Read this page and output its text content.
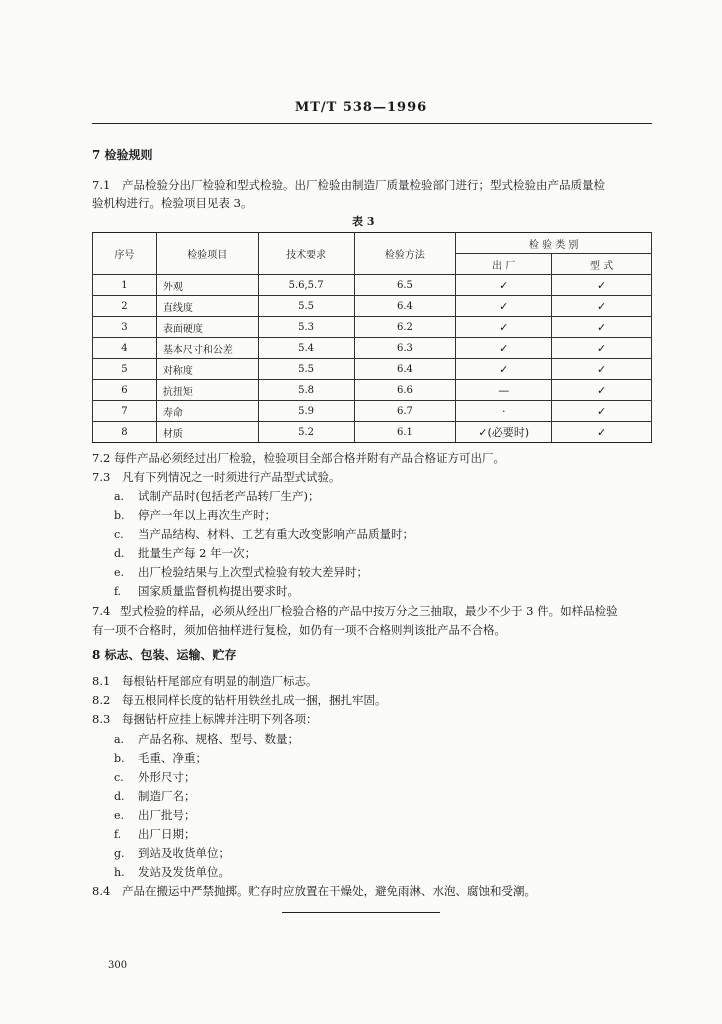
MT/T 538—1996
7 检验规则
7.1 产品检验分出厂检验和型式检验。出厂检验由制造厂质量检验部门进行；型式检验由产品质量检
验机构进行。检验项目见表 3。
表 3
序号	检验项目	技术要求	检验方法	检 验 类 别	
				出 厂	型 式
1	外观	5.6,5.7	6.5	✓	✓
2	直线度	5.5	6.4	✓	✓
3	表面硬度	5.3	6.2	✓	✓
4	基本尺寸和公差	5.4	6.3	✓	✓
5	对称度	5.5	6.4	✓	✓
6	抗扭矩	5.8	6.6	—	✓
7	寿命	5.9	6.7	·	✓
8	材质	5.2	6.1	✓(必要时)	✓
7.2 每件产品必须经过出厂检验，检验项目全部合格并附有产品合格证方可出厂。
7.3 凡有下列情况之一时须进行产品型式试验。
a. 试制产品时(包括老产品转厂生产)；
b. 停产一年以上再次生产时；
c. 当产品结构、材料、工艺有重大改变影响产品质量时；
d. 批量生产每 2 年一次；
e. 出厂检验结果与上次型式检验有较大差异时；
f. 国家质量监督机构提出要求时。
7.4 型式检验的样品，必须从经出厂检验合格的产品中按万分之三抽取，最少不少于 3 件。如样品检验
有一项不合格时，须加倍抽样进行复检，如仍有一项不合格则判该批产品不合格。
8 标志、包装、运输、贮存
8.1 每根钻杆尾部应有明显的制造厂标志。
8.2 每五根同样长度的钻杆用铁丝扎成一捆，捆扎牢固。
8.3 每捆钻杆应挂上标牌并注明下列各项：
a. 产品名称、规格、型号、数量；
b. 毛重、净重；
c. 外形尺寸；
d. 制造厂名；
e. 出厂批号；
f. 出厂日期；
g. 到站及收货单位；
h. 发站及发货单位。
8.4 产品在搬运中严禁抛掷。贮存时应放置在干燥处，避免雨淋、水泡、腐蚀和受潮。
300
